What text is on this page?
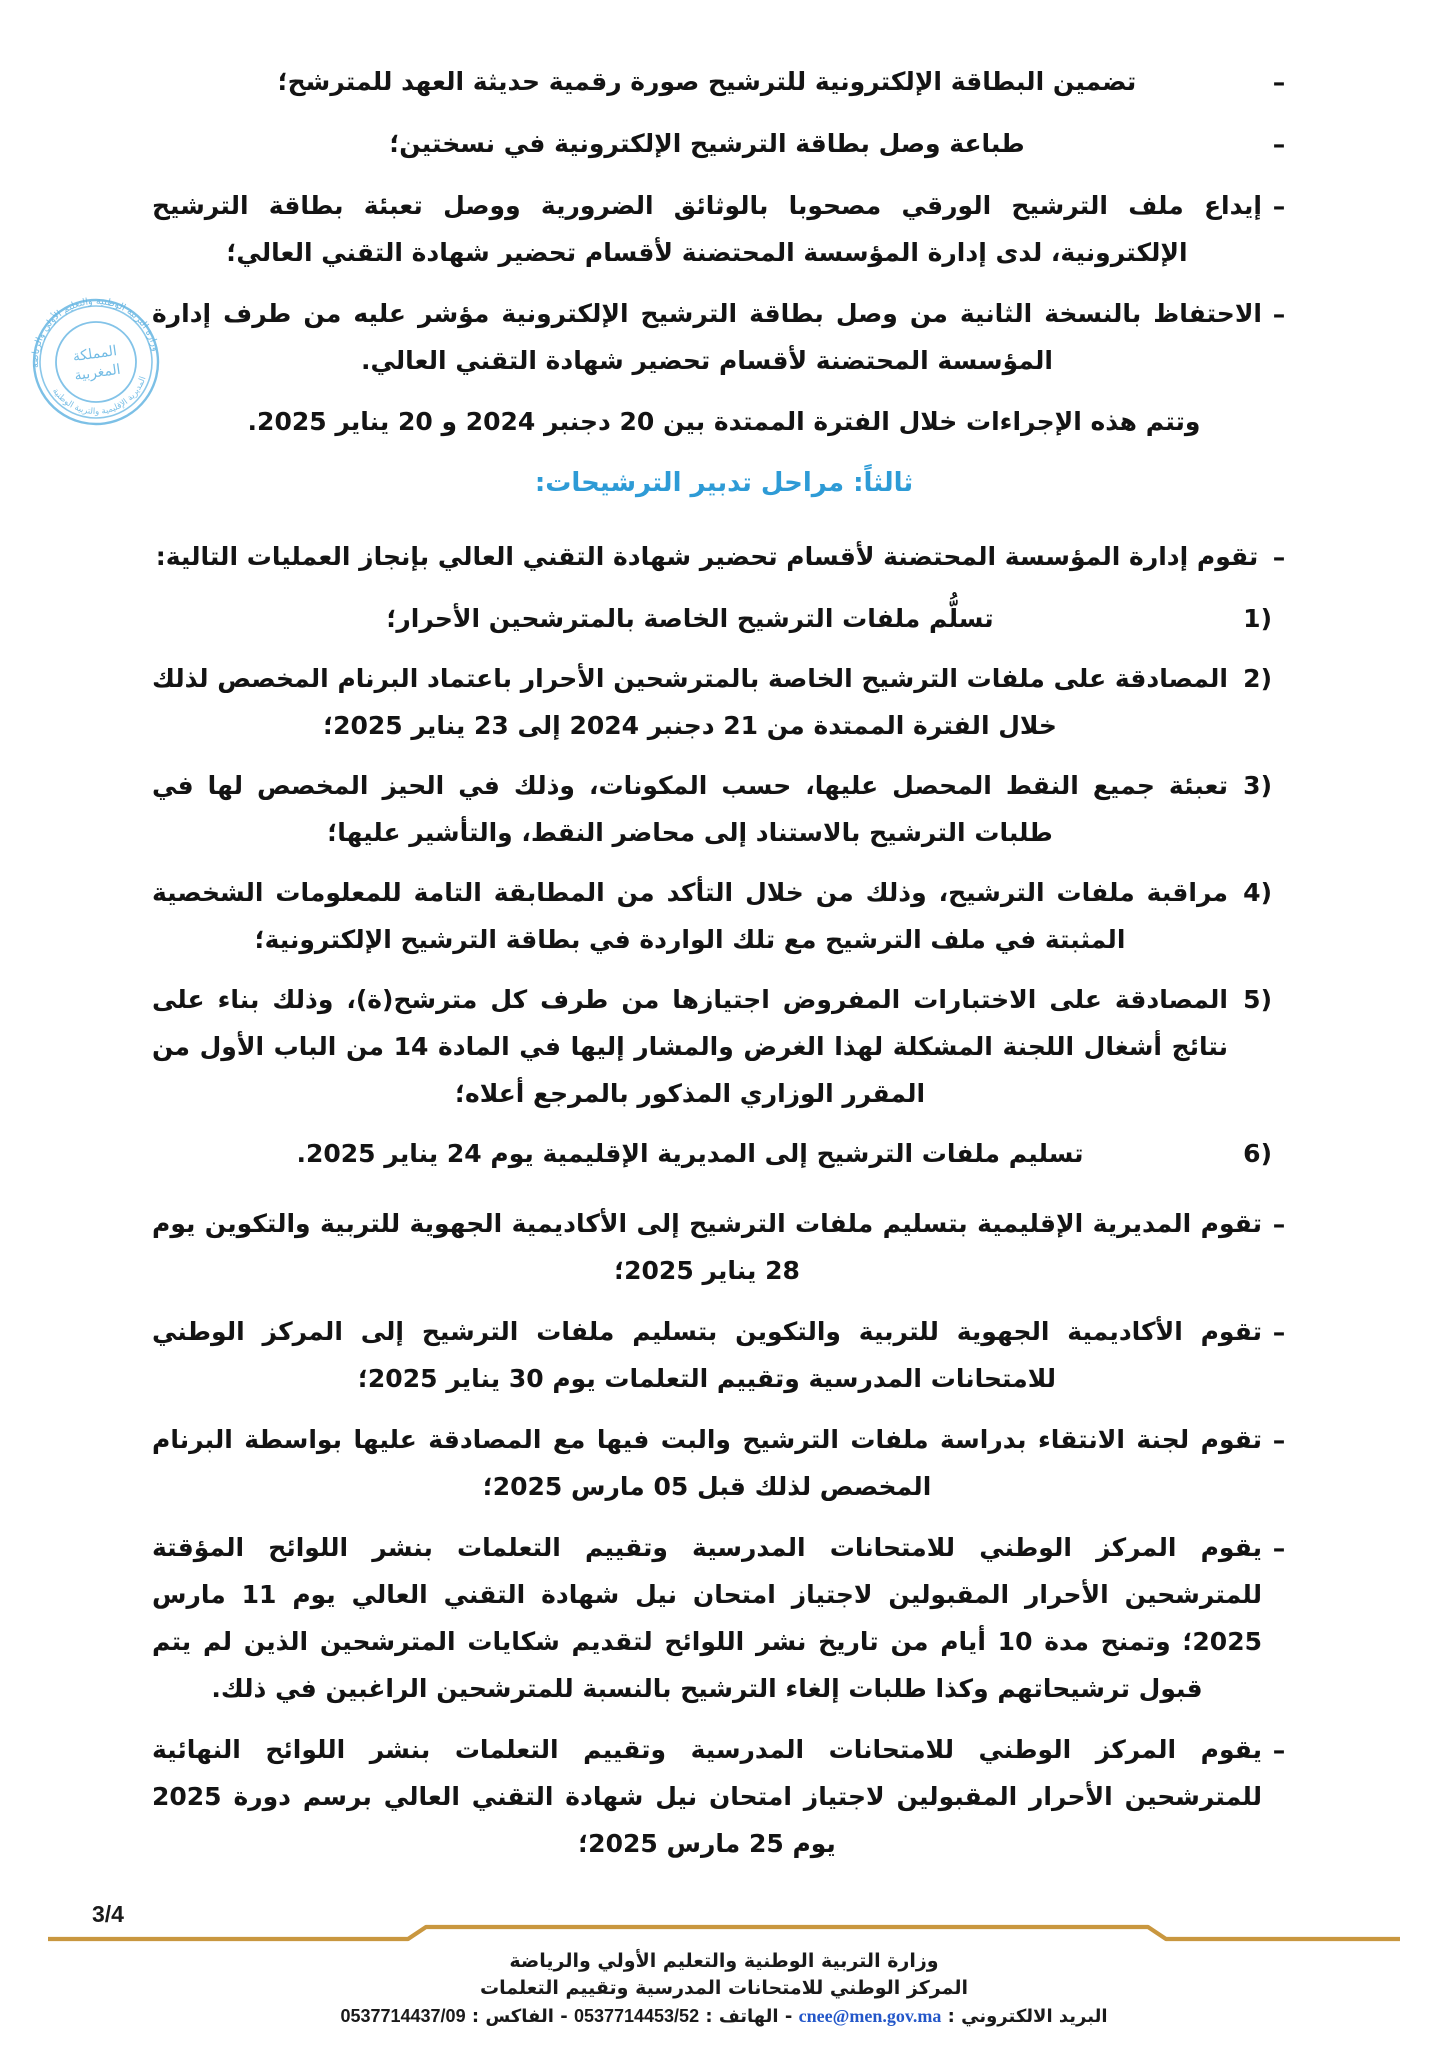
وزارة التربية الوطنية والتعليم الأولي والرياضة
المديرية الإقليمية والتربية الوطنية
المملكة
المغربية
–
تضمين البطاقة الإلكترونية للترشيح صورة رقمية حديثة العهد للمترشح؛
–
طباعة وصل بطاقة الترشيح الإلكترونية في نسختين؛
–
إيداع ملف الترشيح الورقي مصحوبا بالوثائق الضرورية ووصل تعبئة بطاقة الترشيح الإلكترونية، لدى إدارة المؤسسة المحتضنة لأقسام تحضير شهادة التقني العالي؛
–
الاحتفاظ بالنسخة الثانية من وصل بطاقة الترشيح الإلكترونية مؤشر عليه من طرف إدارة المؤسسة المحتضنة لأقسام تحضير شهادة التقني العالي.
وتتم هذه الإجراءات خلال الفترة الممتدة بين 20 دجنبر 2024 و 20 يناير 2025.
ثالثاً: مراحل تدبير الترشيحات:
–
تقوم إدارة المؤسسة المحتضنة لأقسام تحضير شهادة التقني العالي بإنجاز العمليات التالية:
1)
تسلُّم ملفات الترشيح الخاصة بالمترشحين الأحرار؛
2)
المصادقة على ملفات الترشيح الخاصة بالمترشحين الأحرار باعتماد البرنام المخصص لذلك خلال الفترة الممتدة من 21 دجنبر 2024 إلى 23 يناير 2025؛
3)
تعبئة جميع النقط المحصل عليها، حسب المكونات، وذلك في الحيز المخصص لها في طلبات الترشيح بالاستناد إلى محاضر النقط، والتأشير عليها؛
4)
مراقبة ملفات الترشيح، وذلك من خلال التأكد من المطابقة التامة للمعلومات الشخصية المثبتة في ملف الترشيح مع تلك الواردة في بطاقة الترشيح الإلكترونية؛
5)
المصادقة على الاختبارات المفروض اجتيازها من طرف كل مترشح(ة)، وذلك بناء على نتائج أشغال اللجنة المشكلة لهذا الغرض والمشار إليها في المادة 14 من الباب الأول من المقرر الوزاري المذكور بالمرجع أعلاه؛
6)
تسليم ملفات الترشيح إلى المديرية الإقليمية يوم 24 يناير 2025.
–
تقوم المديرية الإقليمية بتسليم ملفات الترشيح إلى الأكاديمية الجهوية للتربية والتكوين يوم 28 يناير 2025؛
–
تقوم الأكاديمية الجهوية للتربية والتكوين بتسليم ملفات الترشيح إلى المركز الوطني للامتحانات المدرسية وتقييم التعلمات يوم 30 يناير 2025؛
–
تقوم لجنة الانتقاء بدراسة ملفات الترشيح والبت فيها مع المصادقة عليها بواسطة البرنام المخصص لذلك قبل 05 مارس 2025؛
–
يقوم المركز الوطني للامتحانات المدرسية وتقييم التعلمات بنشر اللوائح المؤقتة للمترشحين الأحرار المقبولين لاجتياز امتحان نيل شهادة التقني العالي يوم 11 مارس 2025؛ وتمنح مدة 10 أيام من تاريخ نشر اللوائح لتقديم شكايات المترشحين الذين لم يتم قبول ترشيحاتهم وكذا طلبات إلغاء الترشيح بالنسبة للمترشحين الراغبين في ذلك.
–
يقوم المركز الوطني للامتحانات المدرسية وتقييم التعلمات بنشر اللوائح النهائية للمترشحين الأحرار المقبولين لاجتياز امتحان نيل شهادة التقني العالي برسم دورة 2025 يوم 25 مارس 2025؛
3/4
وزارة التربية الوطنية والتعليم الأولي والرياضة
المركز الوطني للامتحانات المدرسية وتقييم التعلمات
البريد الالكتروني : cnee@men.gov.ma - الهاتف : 0537714453/52 - الفاكس : 0537714437/09
